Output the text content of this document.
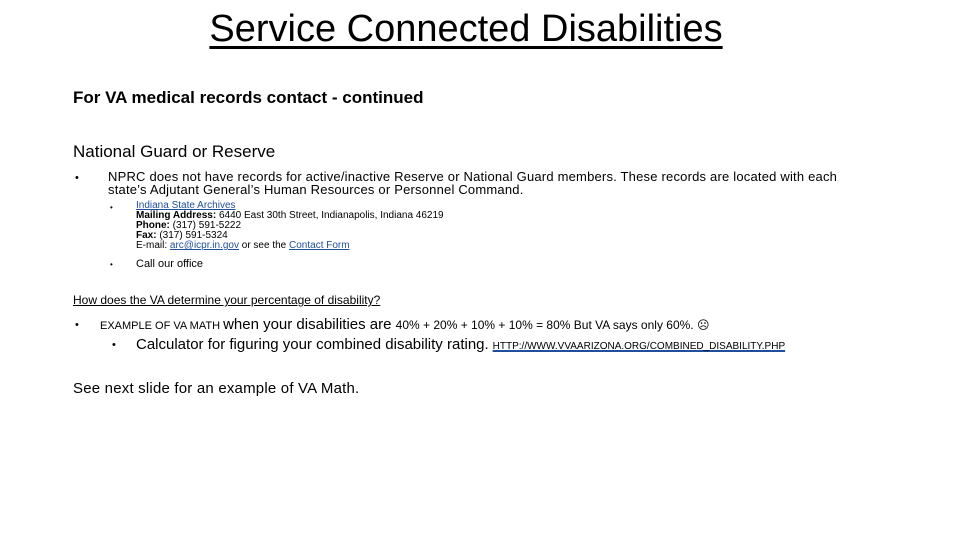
Service Connected Disabilities
For VA medical records contact - continued
National Guard or Reserve
• NPRC does not have records for active/inactive Reserve or National Guard members. These records are located with each
state’s Adjutant General’s Human Resources or Personnel Command.
• Indiana State Archives
Mailing Address: 6440 East 30th Street, Indianapolis, Indiana 46219
Phone: (317) 591-5222
Fax: (317) 591-5324
E-mail: arc@icpr.in.gov or see the Contact Form
• Call our office
How does the VA determine your percentage of disability?
• EXAMPLE OF VA MATH when your disabilities are 40% + 20% + 10% + 10% = 80% But VA says only 60%. ☹
• Calculator for figuring your combined disability rating. HTTP://WWW.VVAARIZONA.ORG/COMBINED_DISABILITY.PHP
See next slide for an example of VA Math.
